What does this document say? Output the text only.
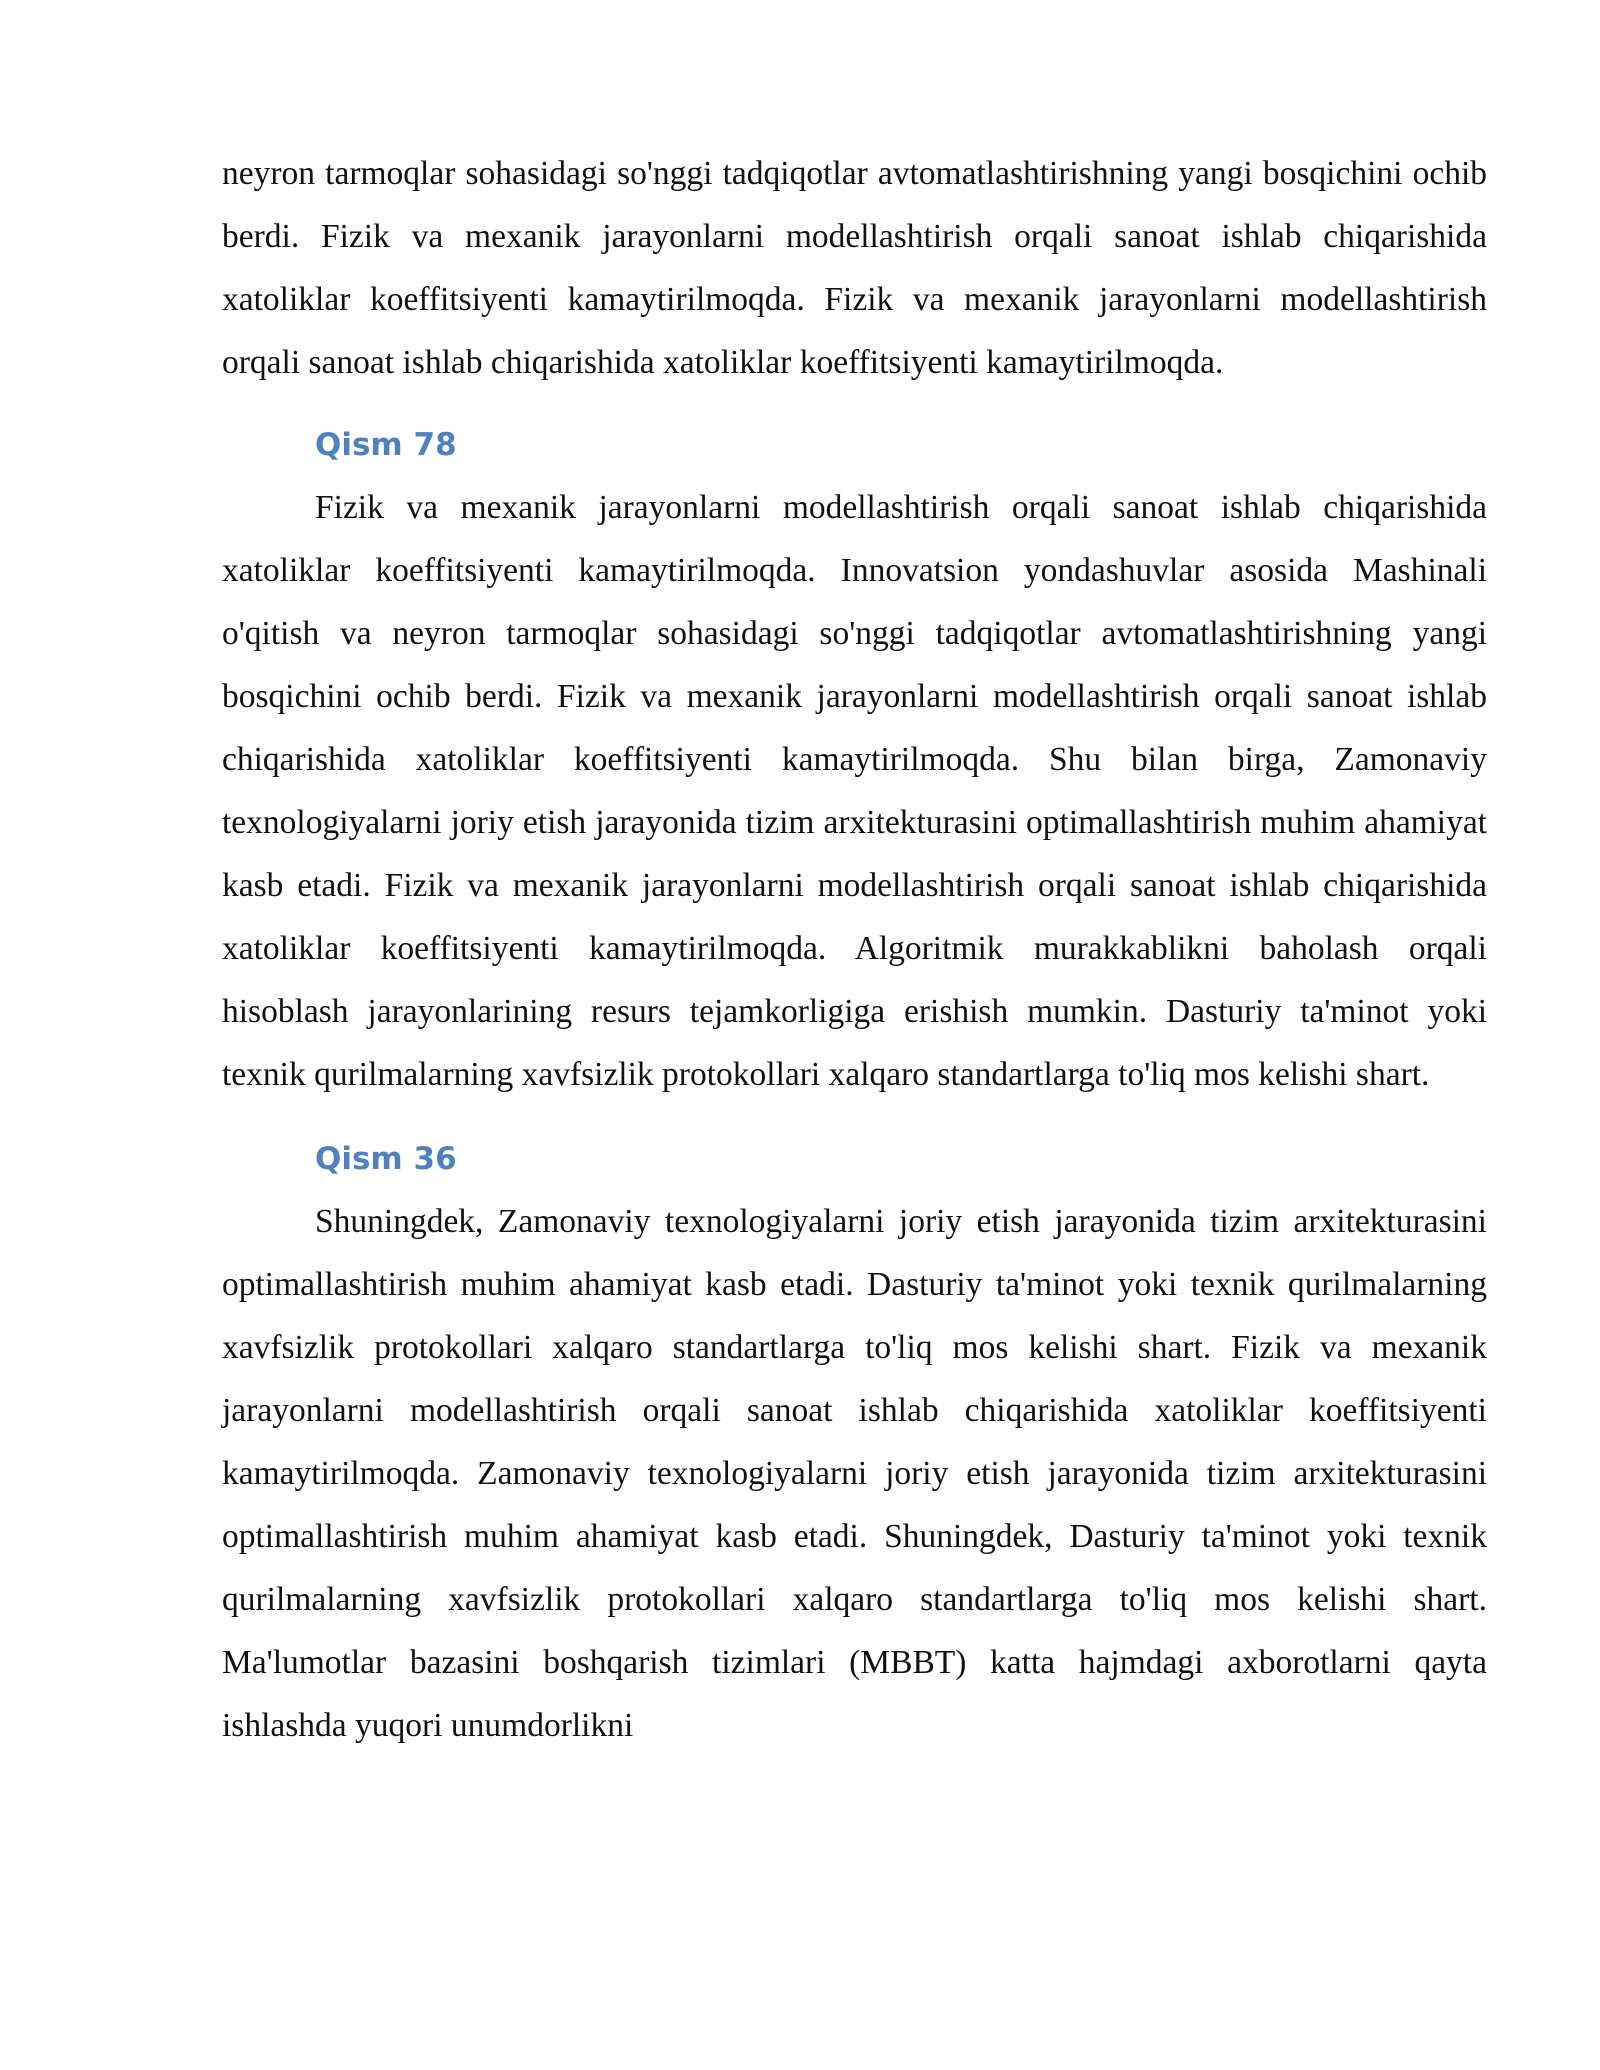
neyron tarmoqlar sohasidagi so'nggi tadqiqotlar avtomatlashtirishning yangi bosqichini ochib berdi. Fizik va mexanik jarayonlarni modellashtirish orqali sanoat ishlab chiqarishida xatoliklar koeffitsiyenti kamaytirilmoqda. Fizik va mexanik jarayonlarni modellashtirish orqali sanoat ishlab chiqarishida xatoliklar koeffitsiyenti kamaytirilmoqda.

Qism 78

Fizik va mexanik jarayonlarni modellashtirish orqali sanoat ishlab chiqarishida xatoliklar koeffitsiyenti kamaytirilmoqda. Innovatsion yondashuvlar asosida Mashinali o'qitish va neyron tarmoqlar sohasidagi so'nggi tadqiqotlar avtomatlashtirishning yangi bosqichini ochib berdi. Fizik va mexanik jarayonlarni modellashtirish orqali sanoat ishlab chiqarishida xatoliklar koeffitsiyenti kamaytirilmoqda. Shu bilan birga, Zamonaviy texnologiyalarni joriy etish jarayonida tizim arxitekturasini optimallashtirish muhim ahamiyat kasb etadi. Fizik va mexanik jarayonlarni modellashtirish orqali sanoat ishlab chiqarishida xatoliklar koeffitsiyenti kamaytirilmoqda. Algoritmik murakkablikni baholash orqali hisoblash jarayonlarining resurs tejamkorligiga erishish mumkin. Dasturiy ta'minot yoki texnik qurilmalarning xavfsizlik protokollari xalqaro standartlarga to'liq mos kelishi shart.

Qism 36

Shuningdek, Zamonaviy texnologiyalarni joriy etish jarayonida tizim arxitekturasini optimallashtirish muhim ahamiyat kasb etadi. Dasturiy ta'minot yoki texnik qurilmalarning xavfsizlik protokollari xalqaro standartlarga to'liq mos kelishi shart. Fizik va mexanik jarayonlarni modellashtirish orqali sanoat ishlab chiqarishida xatoliklar koeffitsiyenti kamaytirilmoqda. Zamonaviy texnologiyalarni joriy etish jarayonida tizim arxitekturasini optimallashtirish muhim ahamiyat kasb etadi. Shuningdek, Dasturiy ta'minot yoki texnik qurilmalarning xavfsizlik protokollari xalqaro standartlarga to'liq mos kelishi shart. Ma'lumotlar bazasini boshqarish tizimlari (MBBT) katta hajmdagi axborotlarni qayta ishlashda yuqori unumdorlikni
